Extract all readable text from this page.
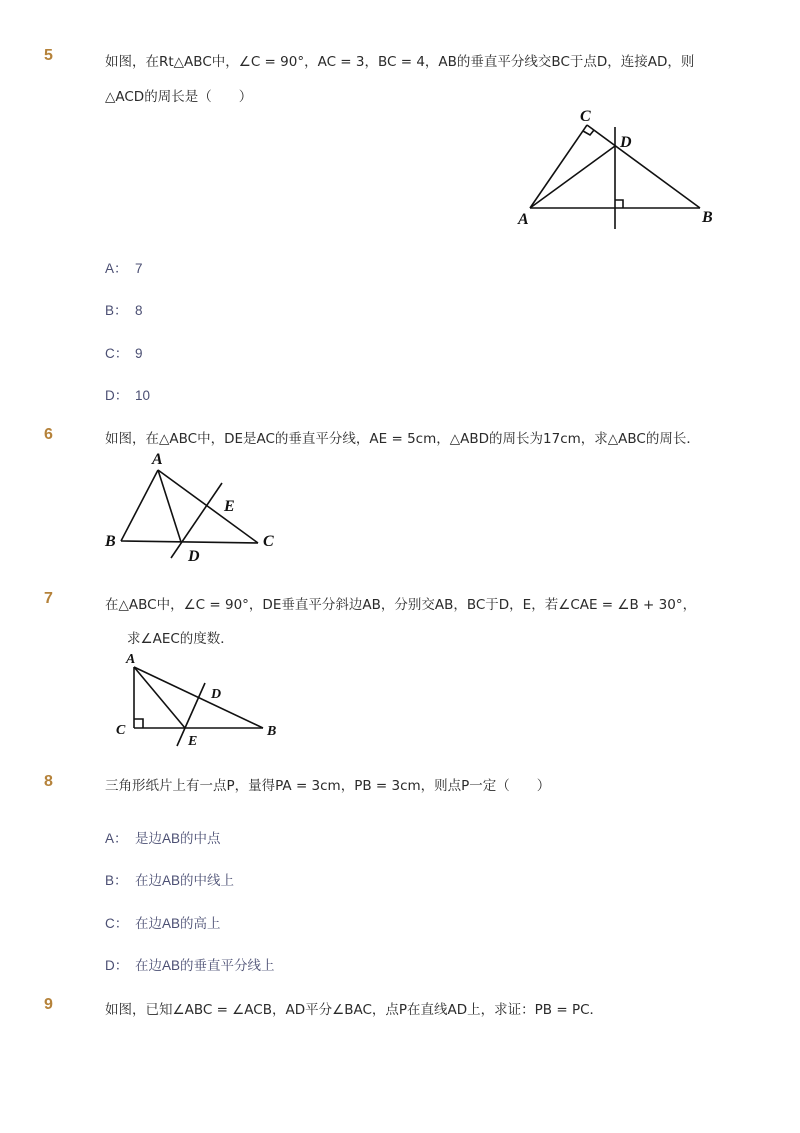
5	如图，在Rt△ABC中，∠C = 90°，AC = 3，BC = 4，AB的垂直平分线交BC于点D，连接AD，则
△ACD的周长是（　　）
C
D
A	B
A： 7
B： 8
C： 9
D： 10
6	如图，在△ABC中，DE是AC的垂直平分线，AE = 5cm，△ABD的周长为17cm，求△ABC的周长．
A
E
B	C
D
7	在△ABC中，∠C = 90°，DE垂直平分斜边AB，分别交AB，BC于D，E，若∠CAE = ∠B + 30°，
求∠AEC的度数．
A
D
C	B
E
8	三角形纸片上有一点P，量得PA = 3cm，PB = 3cm，则点P一定（　　）
A： 是边AB的中点
B： 在边AB的中线上
C： 在边AB的高上
D： 在边AB的垂直平分线上
9	如图，已知∠ABC = ∠ACB，AD平分∠BAC，点P在直线AD上，求证：PB = PC．
